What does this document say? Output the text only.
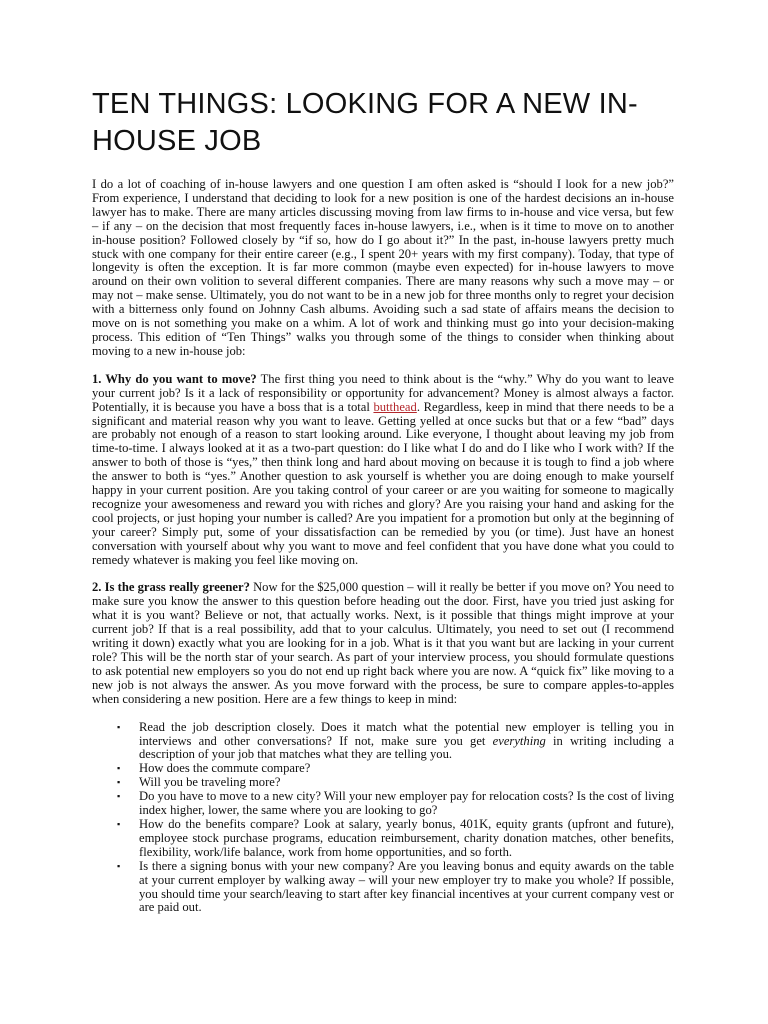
TEN THINGS: LOOKING FOR A NEW IN-HOUSE JOB

I do a lot of coaching of in-house lawyers and one question I am often asked is “should I look for a new job?” From experience, I understand that deciding to look for a new position is one of the hardest decisions an in-house lawyer has to make. There are many articles discussing moving from law firms to in-house and vice versa, but few – if any – on the decision that most frequently faces in-house lawyers, i.e., when is it time to move on to another in-house position? Followed closely by “if so, how do I go about it?” In the past, in-house lawyers pretty much stuck with one company for their entire career (e.g., I spent 20+ years with my first company). Today, that type of longevity is often the exception. It is far more common (maybe even expected) for in-house lawyers to move around on their own volition to several different companies. There are many reasons why such a move may – or may not – make sense. Ultimately, you do not want to be in a new job for three months only to regret your decision with a bitterness only found on Johnny Cash albums. Avoiding such a sad state of affairs means the decision to move on is not something you make on a whim. A lot of work and thinking must go into your decision-making process. This edition of “Ten Things” walks you through some of the things to consider when thinking about moving to a new in-house job:

1. Why do you want to move? The first thing you need to think about is the “why.” Why do you want to leave your current job? Is it a lack of responsibility or opportunity for advancement? Money is almost always a factor. Potentially, it is because you have a boss that is a total butthead. Regardless, keep in mind that there needs to be a significant and material reason why you want to leave. Getting yelled at once sucks but that or a few “bad” days are probably not enough of a reason to start looking around. Like everyone, I thought about leaving my job from time-to-time. I always looked at it as a two-part question: do I like what I do and do I like who I work with? If the answer to both of those is “yes,” then think long and hard about moving on because it is tough to find a job where the answer to both is “yes.” Another question to ask yourself is whether you are doing enough to make yourself happy in your current position. Are you taking control of your career or are you waiting for someone to magically recognize your awesomeness and reward you with riches and glory? Are you raising your hand and asking for the cool projects, or just hoping your number is called? Are you impatient for a promotion but only at the beginning of your career? Simply put, some of your dissatisfaction can be remedied by you (or time). Just have an honest conversation with yourself about why you want to move and feel confident that you have done what you could to remedy whatever is making you feel like moving on.

2. Is the grass really greener? Now for the $25,000 question – will it really be better if you move on? You need to make sure you know the answer to this question before heading out the door. First, have you tried just asking for what it is you want? Believe or not, that actually works. Next, is it possible that things might improve at your current job? If that is a real possibility, add that to your calculus. Ultimately, you need to set out (I recommend writing it down) exactly what you are looking for in a job. What is it that you want but are lacking in your current role? This will be the north star of your search. As part of your interview process, you should formulate questions to ask potential new employers so you do not end up right back where you are now. A “quick fix” like moving to a new job is not always the answer. As you move forward with the process, be sure to compare apples-to-apples when considering a new position. Here are a few things to keep in mind:

▪ Read the job description closely. Does it match what the potential new employer is telling you in interviews and other conversations? If not, make sure you get everything in writing including a description of your job that matches what they are telling you.
▪ How does the commute compare?
▪ Will you be traveling more?
▪ Do you have to move to a new city? Will your new employer pay for relocation costs? Is the cost of living index higher, lower, the same where you are looking to go?
▪ How do the benefits compare? Look at salary, yearly bonus, 401K, equity grants (upfront and future), employee stock purchase programs, education reimbursement, charity donation matches, other benefits, flexibility, work/life balance, work from home opportunities, and so forth.
▪ Is there a signing bonus with your new company? Are you leaving bonus and equity awards on the table at your current employer by walking away – will your new employer try to make you whole? If possible, you should time your search/leaving to start after key financial incentives at your current company vest or are paid out.
